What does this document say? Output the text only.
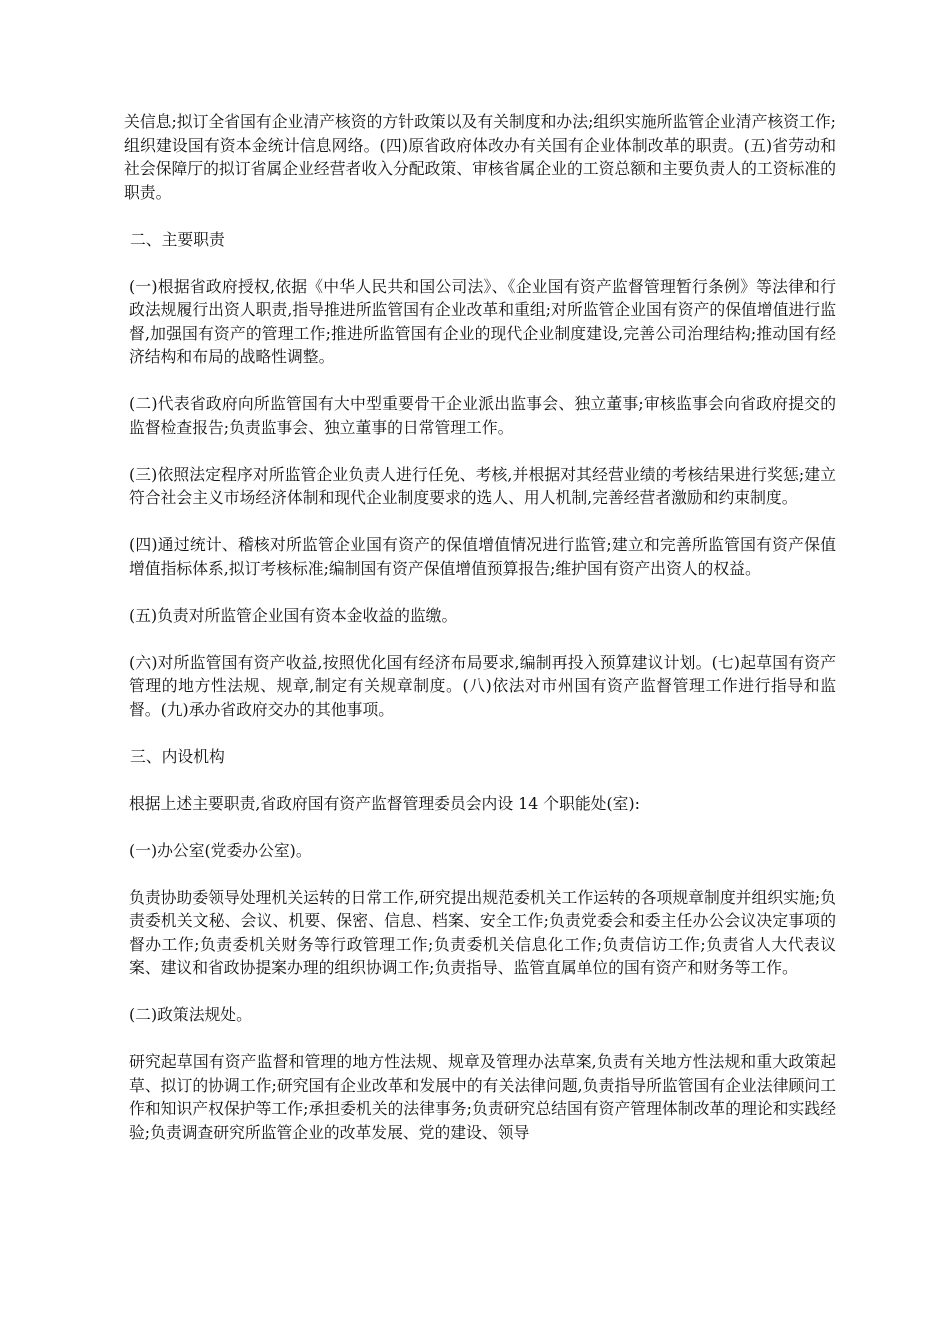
关信息;拟订全省国有企业清产核资的方针政策以及有关制度和办法;组织实施所监管企业清产核资工作;组织建设国有资本金统计信息网络。(四)原省政府体改办有关国有企业体制改革的职责。(五)省劳动和社会保障厅的拟订省属企业经营者收入分配政策、审核省属企业的工资总额和主要负责人的工资标准的职责。

二、主要职责

(一)根据省政府授权,依据《中华人民共和国公司法》、《企业国有资产监督管理暂行条例》等法律和行政法规履行出资人职责,指导推进所监管国有企业改革和重组;对所监管企业国有资产的保值增值进行监督,加强国有资产的管理工作;推进所监管国有企业的现代企业制度建设,完善公司治理结构;推动国有经济结构和布局的战略性调整。

(二)代表省政府向所监管国有大中型重要骨干企业派出监事会、独立董事;审核监事会向省政府提交的监督检查报告;负责监事会、独立董事的日常管理工作。

(三)依照法定程序对所监管企业负责人进行任免、考核,并根据对其经营业绩的考核结果进行奖惩;建立符合社会主义市场经济体制和现代企业制度要求的选人、用人机制,完善经营者激励和约束制度。

(四)通过统计、稽核对所监管企业国有资产的保值增值情况进行监管;建立和完善所监管国有资产保值增值指标体系,拟订考核标准;编制国有资产保值增值预算报告;维护国有资产出资人的权益。

(五)负责对所监管企业国有资本金收益的监缴。

(六)对所监管国有资产收益,按照优化国有经济布局要求,编制再投入预算建议计划。(七)起草国有资产管理的地方性法规、规章,制定有关规章制度。(八)依法对市州国有资产监督管理工作进行指导和监督。(九)承办省政府交办的其他事项。

三、内设机构

根据上述主要职责,省政府国有资产监督管理委员会内设 14 个职能处(室):

(一)办公室(党委办公室)。

负责协助委领导处理机关运转的日常工作,研究提出规范委机关工作运转的各项规章制度并组织实施;负责委机关文秘、会议、机要、保密、信息、档案、安全工作;负责党委会和委主任办公会议决定事项的督办工作;负责委机关财务等行政管理工作;负责委机关信息化工作;负责信访工作;负责省人大代表议案、建议和省政协提案办理的组织协调工作;负责指导、监管直属单位的国有资产和财务等工作。

(二)政策法规处。

研究起草国有资产监督和管理的地方性法规、规章及管理办法草案,负责有关地方性法规和重大政策起草、拟订的协调工作;研究国有企业改革和发展中的有关法律问题,负责指导所监管国有企业法律顾问工作和知识产权保护等工作;承担委机关的法律事务;负责研究总结国有资产管理体制改革的理论和实践经验;负责调查研究所监管企业的改革发展、党的建设、领导
